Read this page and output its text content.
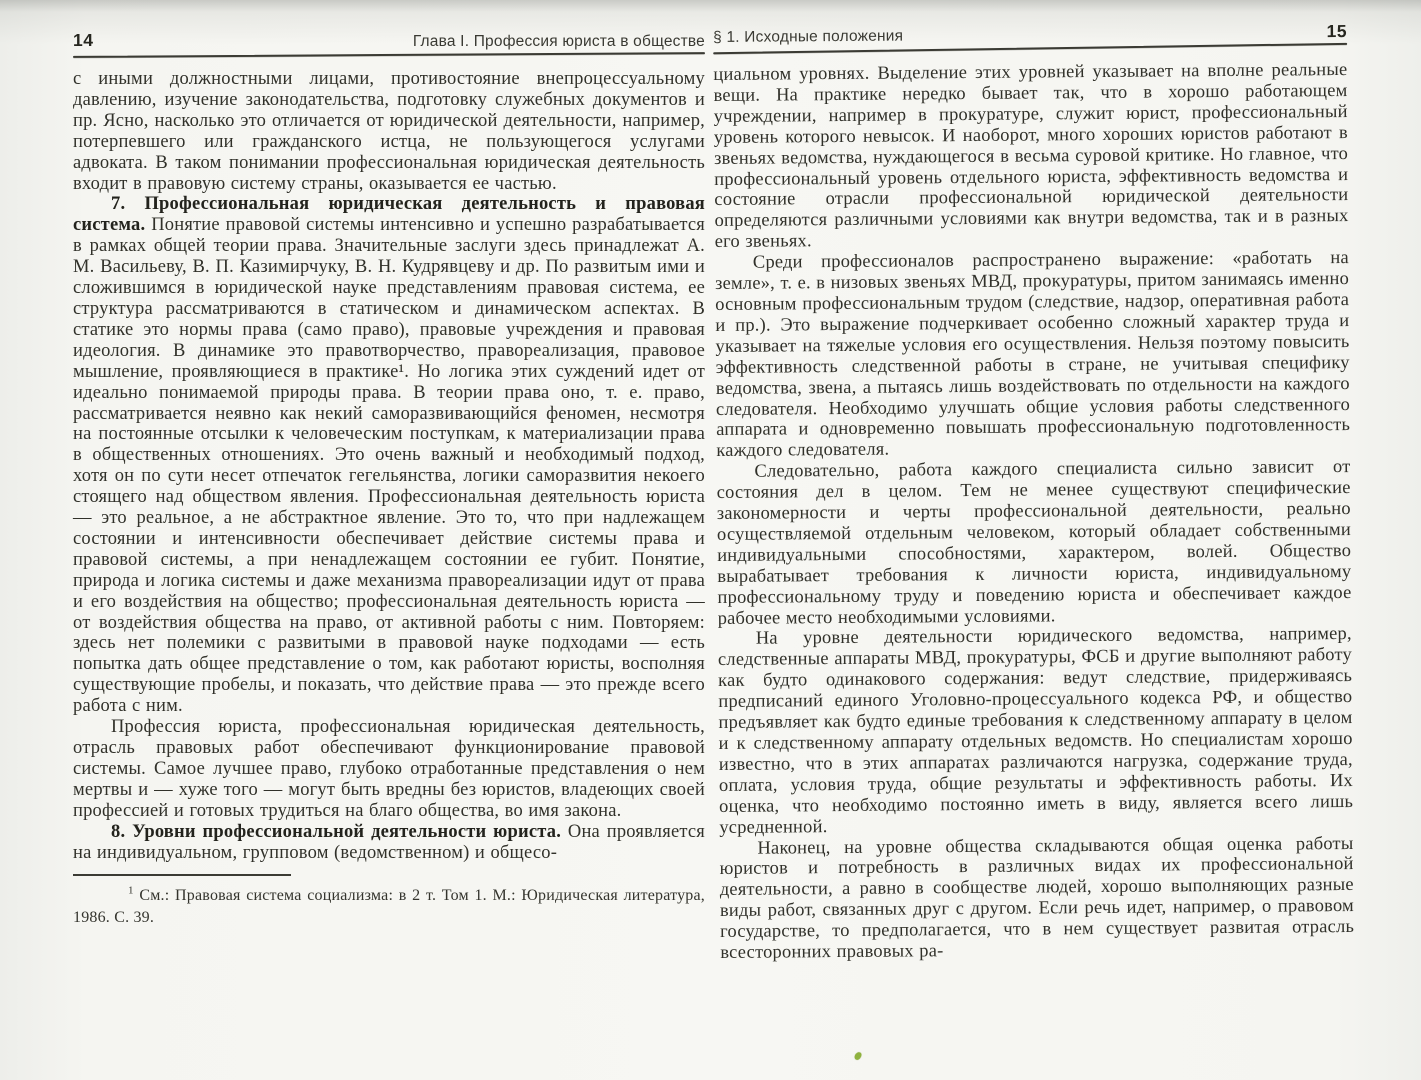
14	Глава I. Профессия юриста в обществе

с иными должностными лицами, противостояние внепроцессуальному давлению, изучение законодательства, подготовку служебных документов и пр. Ясно, насколько это отличается от юридической деятельности, например, потерпевшего или гражданского истца, не пользующегося услугами адвоката. В таком понимании профессиональная юридическая деятельность входит в правовую систему страны, оказывается ее частью.

7. Профессиональная юридическая деятельность и правовая система. Понятие правовой системы интенсивно и успешно разрабатывается в рамках общей теории права. Значительные заслуги здесь принадлежат А. М. Васильеву, В. П. Казимирчуку, В. Н. Кудрявцеву и др. По развитым ими и сложившимся в юридической науке представлениям правовая система, ее структура рассматриваются в статическом и динамическом аспектах. В статике это нормы права (само право), правовые учреждения и правовая идеология. В динамике это правотворчество, правореализация, правовое мышление, проявляющиеся в практике¹. Но логика этих суждений идет от идеально понимаемой природы права. В теории права оно, т. е. право, рассматривается неявно как некий саморазвивающийся феномен, несмотря на постоянные отсылки к человеческим поступкам, к материализации права в общественных отношениях. Это очень важный и необходимый подход, хотя он по сути несет отпечаток гегельянства, логики саморазвития некоего стоящего над обществом явления. Профессиональная деятельность юриста — это реальное, а не абстрактное явление. Это то, что при надлежащем состоянии и интенсивности обеспечивает действие системы права и правовой системы, а при ненадлежащем состоянии ее губит. Понятие, природа и логика системы и даже механизма правореализации идут от права и его воздействия на общество; профессиональная деятельность юриста — от воздействия общества на право, от активной работы с ним. Повторяем: здесь нет полемики с развитыми в правовой науке подходами — есть попытка дать общее представление о том, как работают юристы, восполняя существующие пробелы, и показать, что действие права — это прежде всего работа с ним.

Профессия юриста, профессиональная юридическая деятельность, отрасль правовых работ обеспечивают функционирование правовой системы. Самое лучшее право, глубоко отработанные представления о нем мертвы и — хуже того — могут быть вредны без юристов, владеющих своей профессией и готовых трудиться на благо общества, во имя закона.

8. Уровни профессиональной деятельности юриста. Она проявляется на индивидуальном, групповом (ведомственном) и общесо-

$^1$ См.: Правовая система социализма: в 2 т. Том 1. М.: Юридическая литература, 1986. С. 39.

§ 1. Исходные положения	15

циальном уровнях. Выделение этих уровней указывает на вполне реальные вещи. На практике нередко бывает так, что в хорошо работающем учреждении, например в прокуратуре, служит юрист, профессиональный уровень которого невысок. И наоборот, много хороших юристов работают в звеньях ведомства, нуждающегося в весьма суровой критике. Но главное, что профессиональный уровень отдельного юриста, эффективность ведомства и состояние отрасли профессиональной юридической деятельности определяются различными условиями как внутри ведомства, так и в разных его звеньях.

Среди профессионалов распространено выражение: «работать на земле», т. е. в низовых звеньях МВД, прокуратуры, притом занимаясь именно основным профессиональным трудом (следствие, надзор, оперативная работа и пр.). Это выражение подчеркивает особенно сложный характер труда и указывает на тяжелые условия его осуществления. Нельзя поэтому повысить эффективность следственной работы в стране, не учитывая специфику ведомства, звена, а пытаясь лишь воздействовать по отдельности на каждого следователя. Необходимо улучшать общие условия работы следственного аппарата и одновременно повышать профессиональную подготовленность каждого следователя.

Следовательно, работа каждого специалиста сильно зависит от состояния дел в целом. Тем не менее существуют специфические закономерности и черты профессиональной деятельности, реально осуществляемой отдельным человеком, который обладает собственными индивидуальными способностями, характером, волей. Общество вырабатывает требования к личности юриста, индивидуальному профессиональному труду и поведению юриста и обеспечивает каждое рабочее место необходимыми условиями.

На уровне деятельности юридического ведомства, например, следственные аппараты МВД, прокуратуры, ФСБ и другие выполняют работу как будто одинакового содержания: ведут следствие, придерживаясь предписаний единого Уголовно-процессуального кодекса РФ, и общество предъявляет как будто единые требования к следственному аппарату в целом и к следственному аппарату отдельных ведомств. Но специалистам хорошо известно, что в этих аппаратах различаются нагрузка, содержание труда, оплата, условия труда, общие результаты и эффективность работы. Их оценка, что необходимо постоянно иметь в виду, является всего лишь усредненной.

Наконец, на уровне общества складываются общая оценка работы юристов и потребность в различных видах их профессиональной деятельности, а равно в сообществе людей, хорошо выполняющих разные виды работ, связанных друг с другом. Если речь идет, например, о правовом государстве, то предполагается, что в нем существует развитая отрасль всесторонних правовых ра-
